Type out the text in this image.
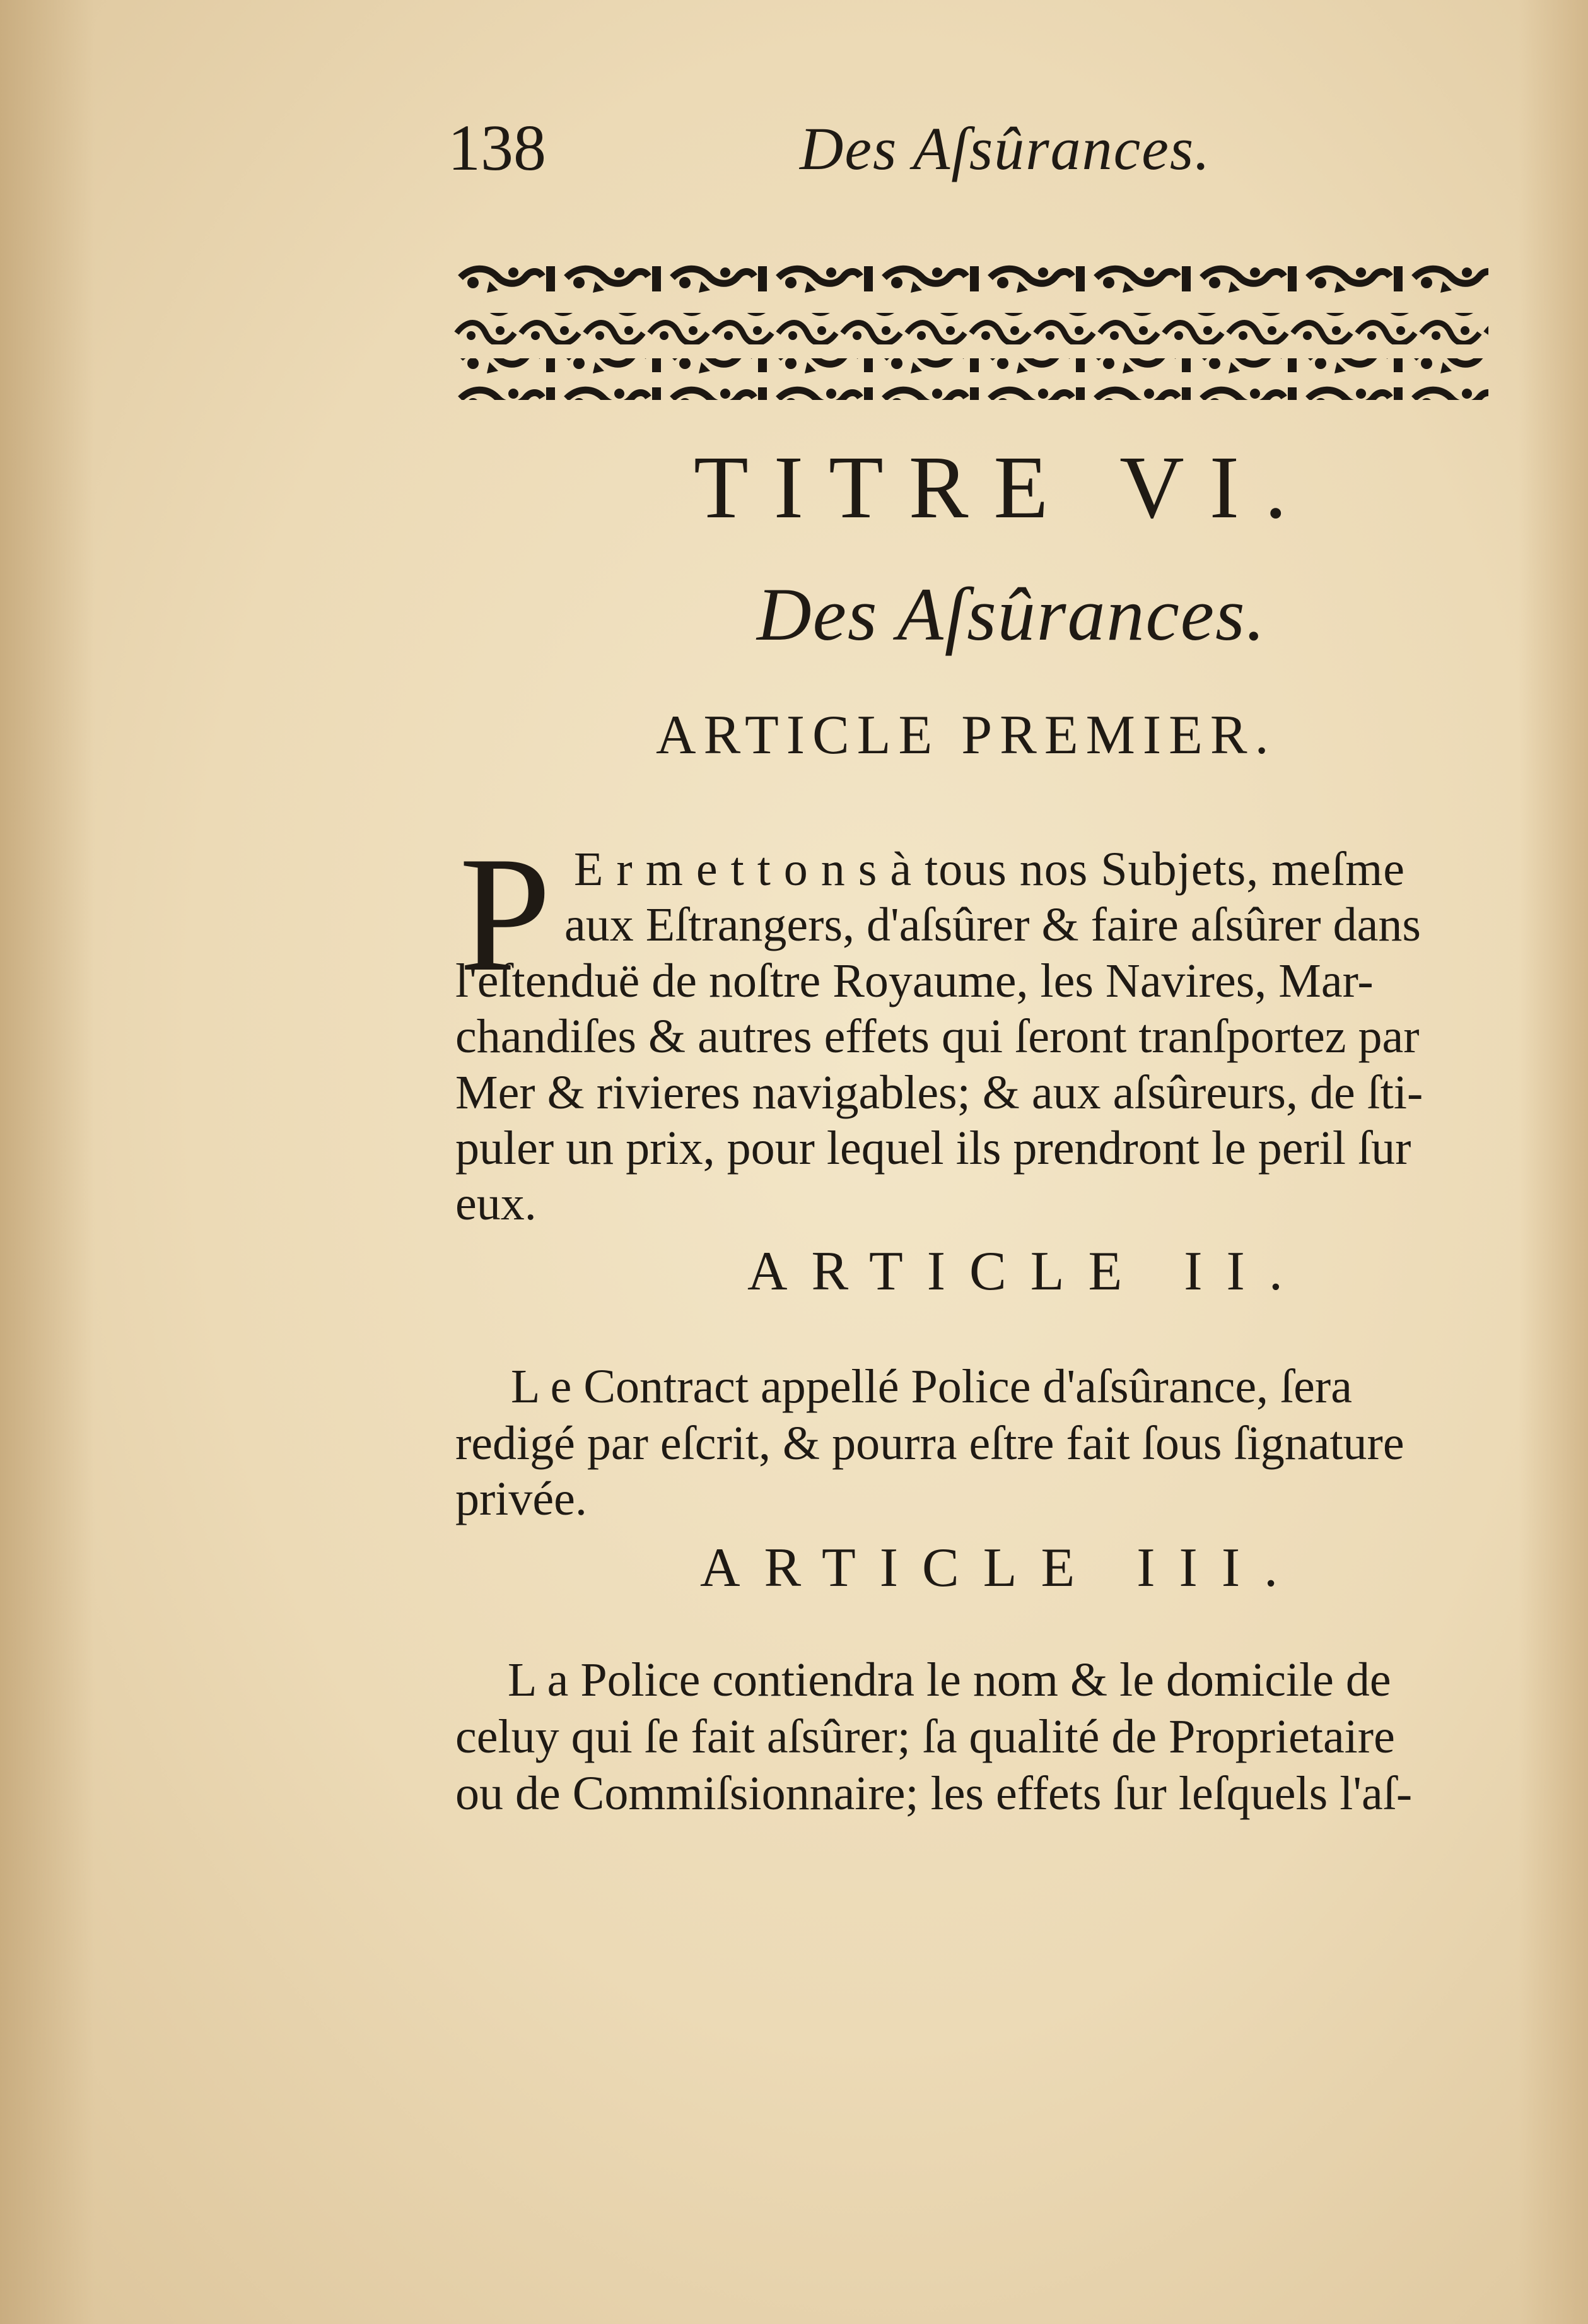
138	Des Aſsûrances.
TITRE VI.
Des Aſsûrances.
ARTICLE PREMIER.
P E r m e t t o n s à tous nos Subjets, meſme
aux Eſtrangers, d'aſsûrer & faire aſsûrer dans
l'eſtenduë de noſtre Royaume, les Navires, Mar-
chandiſes & autres effets qui ſeront tranſportez par
Mer & rivieres navigables; & aux aſsûreurs, de ſti-
puler un prix, pour lequel ils prendront le peril ſur
eux.
ARTICLE II.
L e Contract appellé Police d'aſsûrance, ſera
redigé par eſcrit, & pourra eſtre fait ſous ſignature
privée.
ARTICLE III.
L a Police contiendra le nom & le domicile de
celuy qui ſe fait aſsûrer; ſa qualité de Proprietaire
ou de Commiſsionnaire; les effets ſur leſquels l'aſ-
